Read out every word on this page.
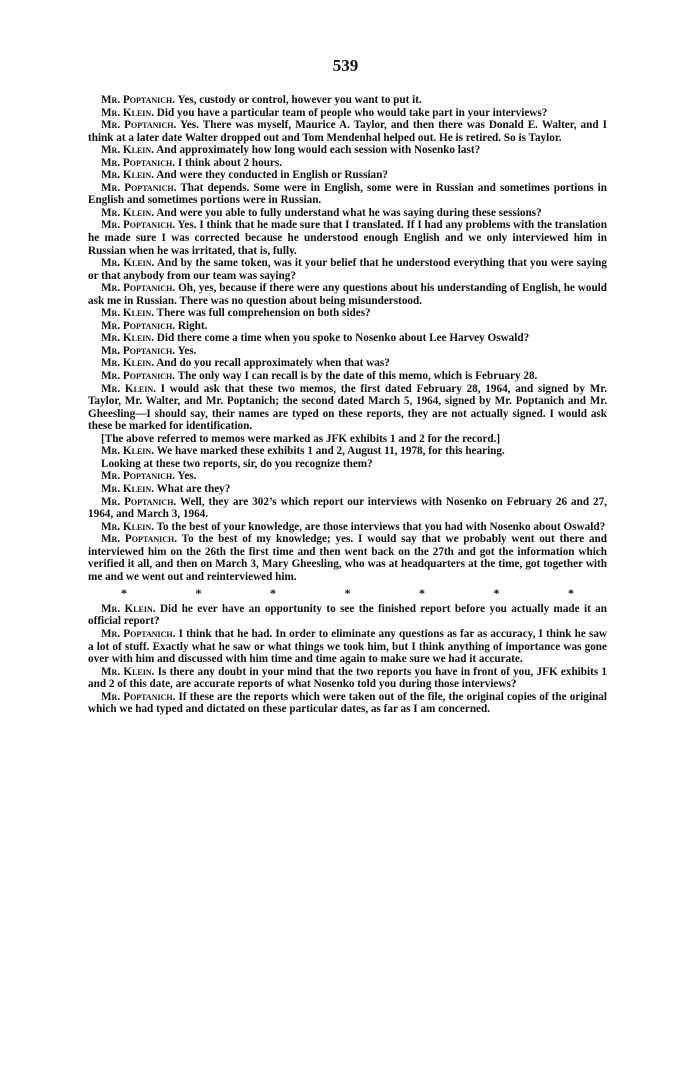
539

Mr. Poptanich. Yes, custody or control, however you want to put it.

Mr. Klein. Did you have a particular team of people who would take part in your interviews?

Mr. Poptanich. Yes. There was myself, Maurice A. Taylor, and then there was Donald E. Walter, and I think at a later date Walter dropped out and Tom Mendenhal helped out. He is retired. So is Taylor.

Mr. Klein. And approximately how long would each session with Nosenko last?

Mr. Poptanich. I think about 2 hours.

Mr. Klein. And were they conducted in English or Russian?

Mr. Poptanich. That depends. Some were in English, some were in Russian and sometimes portions in English and sometimes portions were in Russian.

Mr. Klein. And were you able to fully understand what he was saying during these sessions?

Mr. Poptanich. Yes. I think that he made sure that I translated. If I had any problems with the translation he made sure I was corrected because he understood enough English and we only interviewed him in Russian when he was irritated, that is, fully.

Mr. Klein. And by the same token, was it your belief that he understood everything that you were saying or that anybody from our team was saying?

Mr. Poptanich. Oh, yes, because if there were any questions about his understanding of English, he would ask me in Russian. There was no question about being misunderstood.

Mr. Klein. There was full comprehension on both sides?

Mr. Poptanich. Right.

Mr. Klein. Did there come a time when you spoke to Nosenko about Lee Harvey Oswald?

Mr. Poptanich. Yes.

Mr. Klein. And do you recall approximately when that was?

Mr. Poptanich. The only way I can recall is by the date of this memo, which is February 28.

Mr. Klein. I would ask that these two memos, the first dated February 28, 1964, and signed by Mr. Taylor, Mr. Walter, and Mr. Poptanich; the second dated March 5, 1964, signed by Mr. Poptanich and Mr. Gheesling—I should say, their names are typed on these reports, they are not actually signed. I would ask these be marked for identification.

[The above referred to memos were marked as JFK exhibits 1 and 2 for the record.]

Mr. Klein. We have marked these exhibits 1 and 2, August 11, 1978, for this hearing.

Looking at these two reports, sir, do you recognize them?

Mr. Poptanich. Yes.

Mr. Klein. What are they?

Mr. Poptanich. Well, they are 302’s which report our interviews with Nosenko on February 26 and 27, 1964, and March 3, 1964.

Mr. Klein. To the best of your knowledge, are those interviews that you had with Nosenko about Oswald?

Mr. Poptanich. To the best of my knowledge; yes. I would say that we probably went out there and interviewed him on the 26th the first time and then went back on the 27th and got the information which verified it all, and then on March 3, Mary Gheesling, who was at headquarters at the time, got together with me and we went out and reinterviewed him.

*	*	*	*	*	*	*

Mr. Klein. Did he ever have an opportunity to see the finished report before you actually made it an official report?

Mr. Poptanich. I think that he had. In order to eliminate any questions as far as accuracy, I think he saw a lot of stuff. Exactly what he saw or what things we took him, but I think anything of importance was gone over with him and discussed with him time and time again to make sure we had it accurate.

Mr. Klein. Is there any doubt in your mind that the two reports you have in front of you, JFK exhibits 1 and 2 of this date, are accurate reports of what Nosenko told you during those interviews?

Mr. Poptanich. If these are the reports which were taken out of the file, the original copies of the original which we had typed and dictated on these particular dates, as far as I am concerned.
